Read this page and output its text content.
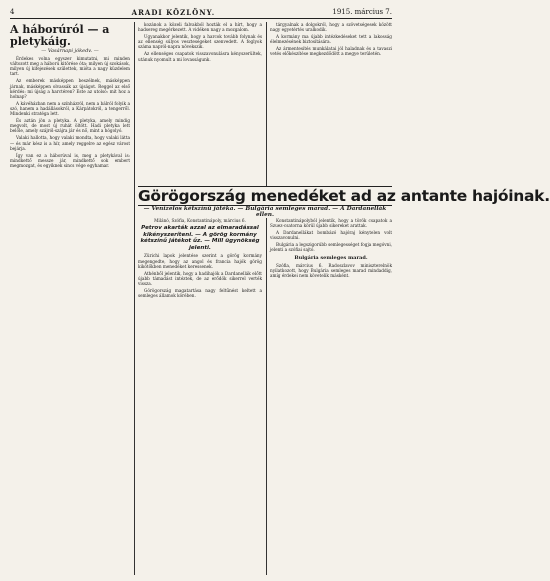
4	ARADI KÖZLÖNY.	1915. március 7.
A háborúról — a pletykáig.
— Vasárnapi jókedv. —

Érdekes volna egyszer kimutatni, mi minden változott meg a háború kitörése óta; milyen új szokások, milyen új kifejezések születtek, mióta a nagy küzdelem tart.

Az emberek másképpen beszélnek, másképpen járnak, másképpen olvassák az újságot. Reggel az első kérdés: mi újság a harctéren? Este az utolsó: mit hoz a holnap?

A kávéházban nem a színházról, nem a bálról folyik a szó, hanem a hadállásokról, a Kárpátokról, a tengerről. Mindenki stratéga lett.

És aztán jön a pletyka. A pletyka, amely mindig megvolt, de most új ruhát öltött. Hadi pletyka lett belőle, amely szájról-szájra jár és nő, mint a hógolyó.

Valaki hallotta, hogy valaki mondta, hogy valaki látta — és már kész is a hír, amely reggelre az egész várost bejárja.

Így van ez a háborúval is, meg a pletykával is: mindkettő messze jár, mindkettő sok embert megmozgat, és egyiknek sincs vége egyhamar.

kozánok a közeli falvakból hozták el a hírt, hogy a hadsereg megérkezett. A vidéken nagy a mozgalom.

Ugyanakkor jelentik, hogy a harcok tovább folynak és az ellenség súlyos veszteségeket szenvedett. A foglyok száma napról-napra növekszik.

Az ellenséges csapatok visszavonulásra kényszerültek, utánuk nyomult a mi lovasságunk.

tárgyalnak a dolgokról, hogy a szövetségesek között nagy egyetértés uralkodik.

A kormány ma újabb intézkedéseket tett a lakosság élelmezésének biztosítására.

Az ármentesítés munkálatai jól haladnak és a tavaszi vetés előkészítése megkezdődött a megye területén.

Görögország menedéket ad az antante hajóinak.
— Venizelos kétszínű játéka. — Bulgária semleges marad. — A Dardanellák ellen.

Milánó, Szófia, Konstantinápoly, március 6.

Petrov akarták azzal az elmaradással kikényszeríteni. — A görög kormány kétszínű játékot űz. — Mill ügynökség jelenti.

Zürichi lapok jelentése szerint a görög kormány megengedte, hogy az angol és francia hajók görög kikötőkben menedéket keressenek.

Athénből jelentik, hogy a hadihajók a Dardanellák előtt újabb támadást intéztek, de az erődök sikerrel verték vissza.

Görögország magatartása nagy feltűnést keltett a semleges államok körében.

Konstantinápolyból jelentik, hogy a török csapatok a Szuez-csatorna körül újabb sikereket arattak.

A Dardanellákat bombázó hajóraj kénytelen volt visszavonulni.

Bulgária a legszigorúbb semlegességet fogja megóvni, jelenti a szófiai sajtó.

Bulgária semleges marad.

Szófia, március 6. Radoszlavov miniszterelnök nyilatkozott, hogy Bulgária semleges marad mindaddig, amíg érdekei nem követelik másként.
